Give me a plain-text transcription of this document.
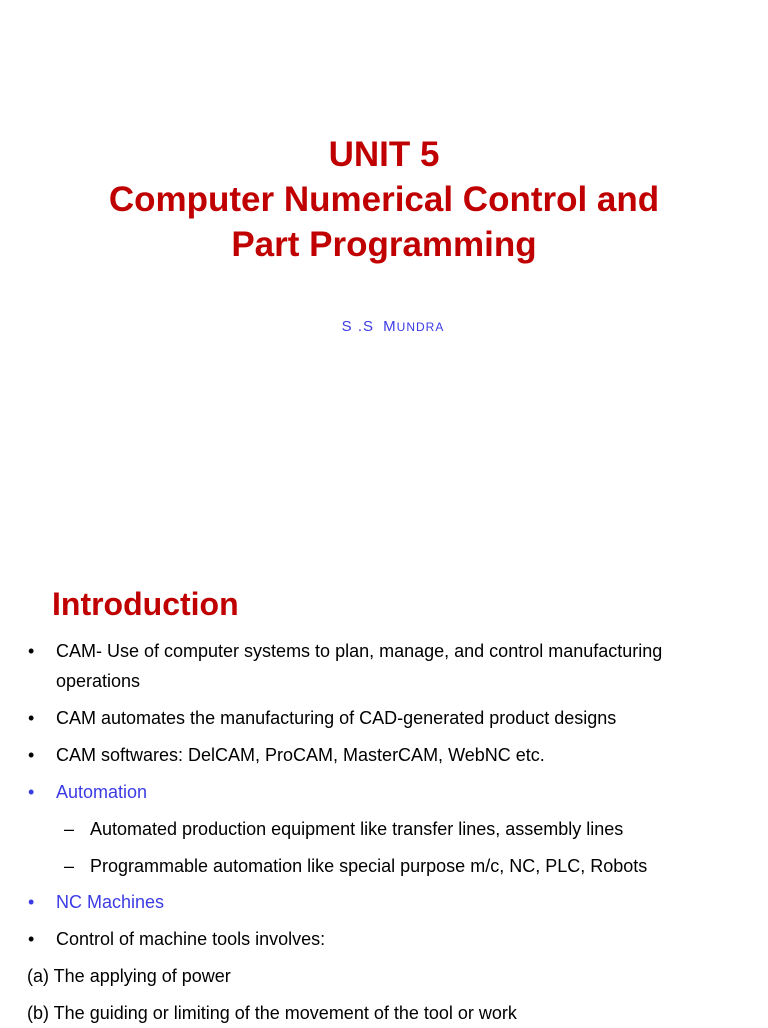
UNIT 5
Computer Numerical Control and
Part Programming
S .S MUNDRA
Introduction
•	CAM- Use of computer systems to plan, manage, and control manufacturing
operations
•	CAM automates the manufacturing of CAD-generated product designs
•	CAM softwares: DelCAM, ProCAM, MasterCAM, WebNC etc.
•	Automation
– Automated production equipment like transfer lines, assembly lines
– Programmable automation like special purpose m/c, NC, PLC, Robots
•	NC Machines
•	Control of machine tools involves:
(a) The applying of power
(b) The guiding or limiting of the movement of the tool or work
